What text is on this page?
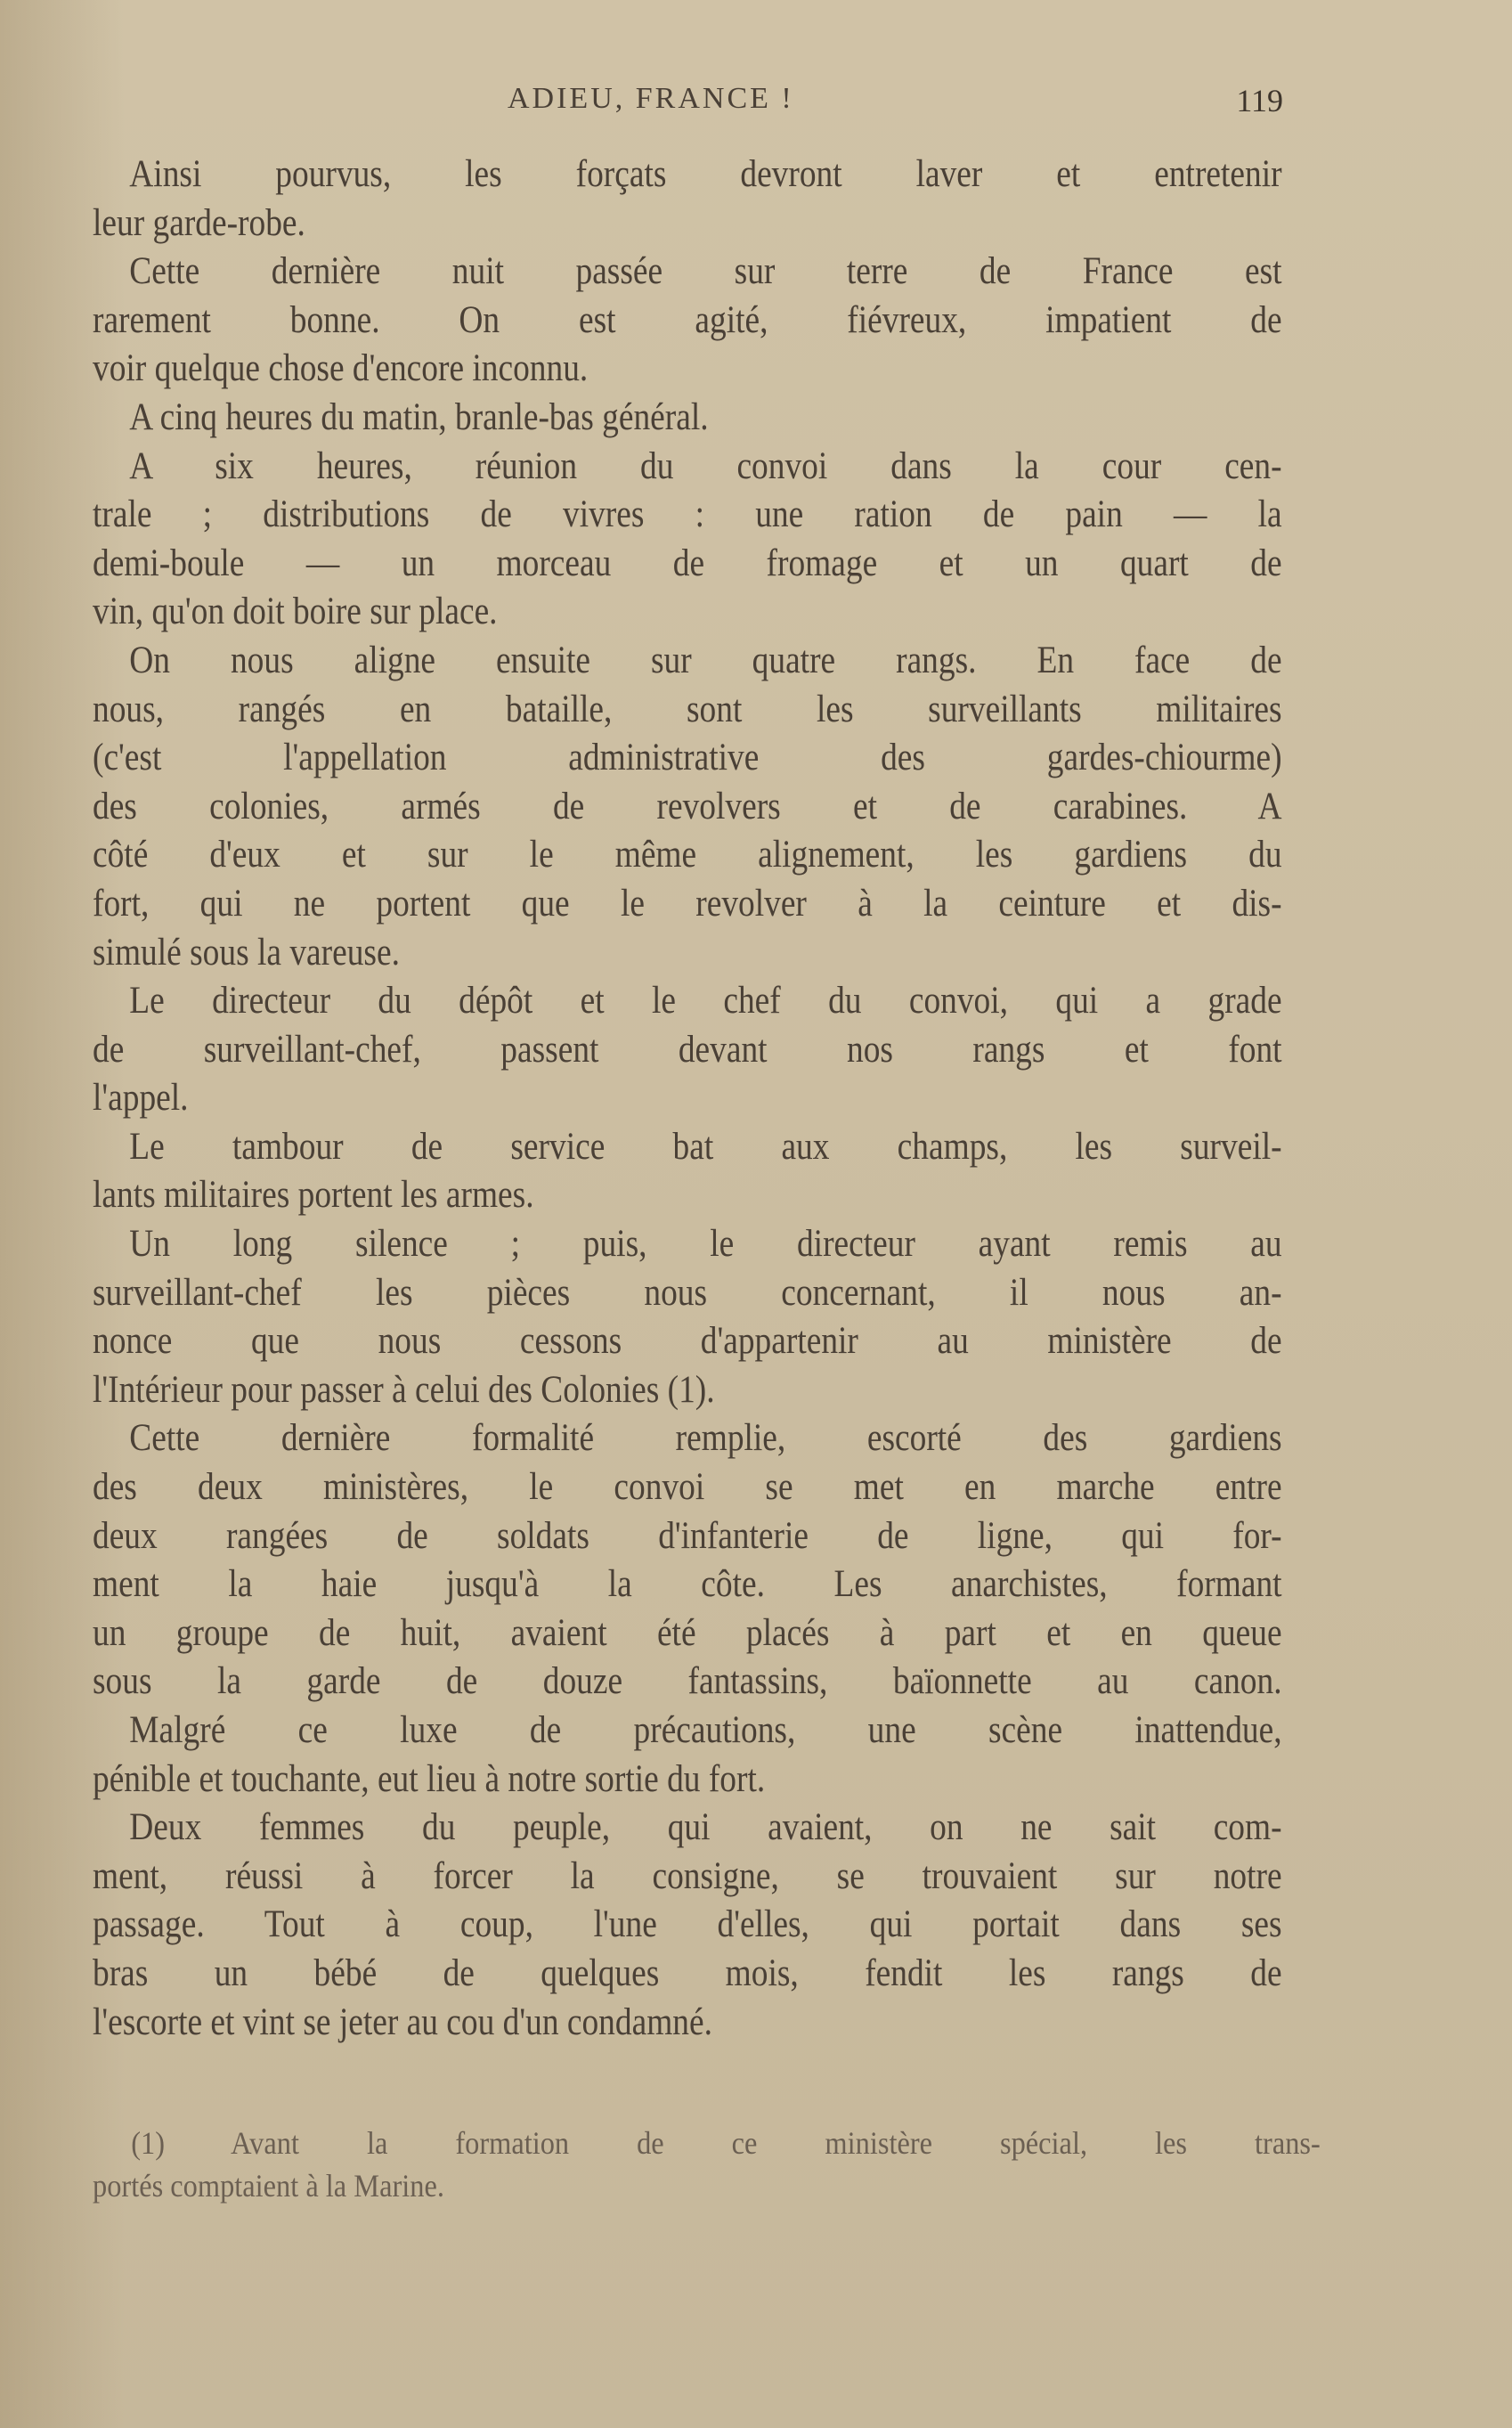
ADIEU, FRANCE !	119

Ainsi pourvus, les forçats devront laver et entretenir
leur garde-robe.

Cette dernière nuit passée sur terre de France est
rarement bonne. On est agité, fiévreux, impatient de
voir quelque chose d'encore inconnu.

A cinq heures du matin, branle-bas général.

A six heures, réunion du convoi dans la cour cen-
trale ; distributions de vivres : une ration de pain — la
demi-boule — un morceau de fromage et un quart de
vin, qu'on doit boire sur place.

On nous aligne ensuite sur quatre rangs. En face de
nous, rangés en bataille, sont les surveillants militaires
(c'est l'appellation administrative des gardes-chiourme)
des colonies, armés de revolvers et de carabines. A
côté d'eux et sur le même alignement, les gardiens du
fort, qui ne portent que le revolver à la ceinture et dis-
simulé sous la vareuse.

Le directeur du dépôt et le chef du convoi, qui a grade
de surveillant-chef, passent devant nos rangs et font
l'appel.

Le tambour de service bat aux champs, les surveil-
lants militaires portent les armes.

Un long silence ; puis, le directeur ayant remis au
surveillant-chef les pièces nous concernant, il nous an-
nonce que nous cessons d'appartenir au ministère de
l'Intérieur pour passer à celui des Colonies (1).

Cette dernière formalité remplie, escorté des gardiens
des deux ministères, le convoi se met en marche entre
deux rangées de soldats d'infanterie de ligne, qui for-
ment la haie jusqu'à la côte. Les anarchistes, formant
un groupe de huit, avaient été placés à part et en queue
sous la garde de douze fantassins, baïonnette au canon.

Malgré ce luxe de précautions, une scène inattendue,
pénible et touchante, eut lieu à notre sortie du fort.

Deux femmes du peuple, qui avaient, on ne sait com-
ment, réussi à forcer la consigne, se trouvaient sur notre
passage. Tout à coup, l'une d'elles, qui portait dans ses
bras un bébé de quelques mois, fendit les rangs de
l'escorte et vint se jeter au cou d'un condamné.

(1) Avant la formation de ce ministère spécial, les trans-
portés comptaient à la Marine.
